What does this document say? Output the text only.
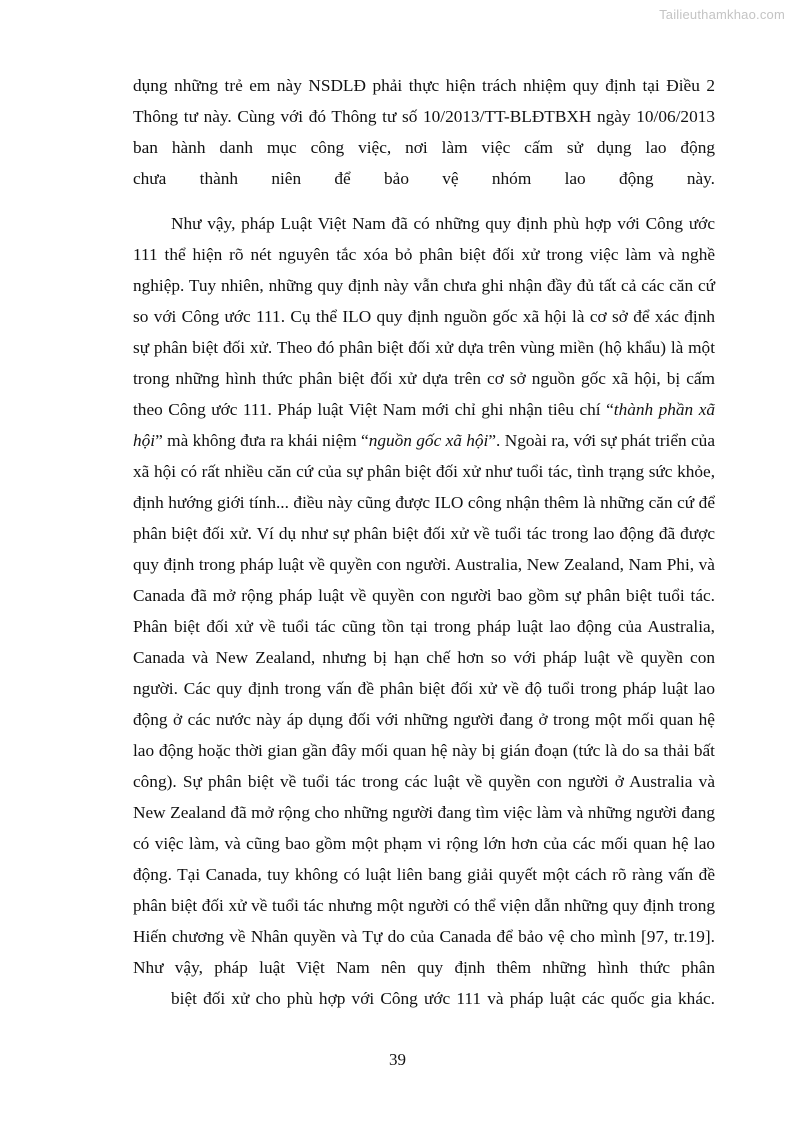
Tailieuthamkhao.com

dụng những trẻ em này NSDLĐ phải thực hiện trách nhiệm quy định tại Điều 2 Thông tư này. Cùng với đó Thông tư số 10/2013/TT-BLĐTBXH ngày 10/06/2013 ban hành danh mục công việc, nơi làm việc cấm sử dụng lao động
chưa thành niên để bảo vệ nhóm lao động này.

Như vậy, pháp Luật Việt Nam đã có những quy định phù hợp với Công ước 111 thể hiện rõ nét nguyên tắc xóa bỏ phân biệt đối xử trong việc làm và nghề nghiệp. Tuy nhiên, những quy định này vẫn chưa ghi nhận đầy đủ tất cả các căn cứ so với Công ước 111. Cụ thể ILO quy định nguồn gốc xã hội là cơ sở để xác định sự phân biệt đối xử. Theo đó phân biệt đối xử dựa trên vùng miền (hộ khẩu) là một trong những hình thức phân biệt đối xử dựa trên cơ sở nguồn gốc xã hội, bị cấm theo Công ước 111. Pháp luật Việt Nam mới chỉ ghi nhận tiêu chí “thành phần xã hội” mà không đưa ra khái niệm “nguồn gốc xã hội”. Ngoài ra, với sự phát triển của xã hội có rất nhiều căn cứ của sự phân biệt đối xử như tuổi tác, tình trạng sức khỏe, định hướng giới tính... điều này cũng được ILO công nhận thêm là những căn cứ để phân biệt đối xử. Ví dụ như sự phân biệt đối xử về tuổi tác trong lao động đã được quy định trong pháp luật về quyền con người. Australia, New Zealand, Nam Phi, và Canada đã mở rộng pháp luật về quyền con người bao gồm sự phân biệt tuổi tác. Phân biệt đối xử về tuổi tác cũng tồn tại trong pháp luật lao động của Australia, Canada và New Zealand, nhưng bị hạn chế hơn so với pháp luật về quyền con người. Các quy định trong vấn đề phân biệt đối xử về độ tuổi trong pháp luật lao động ở các nước này áp dụng đối với những người đang ở trong một mối quan hệ lao động hoặc thời gian gần đây mối quan hệ này bị gián đoạn (tức là do sa thải bất công). Sự phân biệt về tuổi tác trong các luật về quyền con người ở Australia và New Zealand đã mở rộng cho những người đang tìm việc làm và những người đang có việc làm, và cũng bao gồm một phạm vi rộng lớn hơn của các mối quan hệ lao động. Tại Canada, tuy không có luật liên bang giải quyết một cách rõ ràng vấn đề phân biệt đối xử về tuổi tác nhưng một người có thể viện dẫn những quy định trong Hiến chương về Nhân quyền và Tự do của Canada để bảo vệ cho mình [97, tr.19]. Như vậy, pháp luật Việt Nam nên quy định thêm những hình thức phân
biệt đối xử cho phù hợp với Công ước 111 và pháp luật các quốc gia khác.

39
